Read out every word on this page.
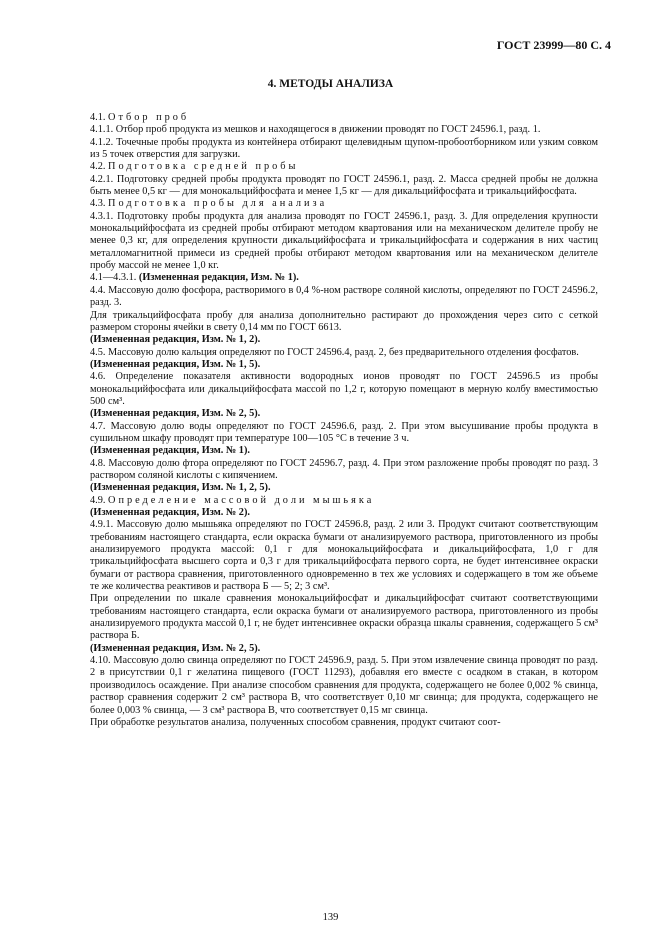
ГОСТ 23999—80 С. 4
4. МЕТОДЫ АНАЛИЗА

4.1. Отбор проб

4.1.1. Отбор проб продукта из мешков и находящегося в движении проводят по ГОСТ 24596.1, разд. 1.

4.1.2. Точечные пробы продукта из контейнера отбирают щелевидным щупом-пробоотборником или узким совком из 5 точек отверстия для загрузки.

4.2. Подготовка средней пробы

4.2.1. Подготовку средней пробы продукта проводят по ГОСТ 24596.1, разд. 2. Масса средней пробы не должна быть менее 0,5 кг — для монокальцийфосфата и менее 1,5 кг — для дикальцийфосфата и трикальцийфосфата.

4.3. Подготовка пробы для анализа

4.3.1. Подготовку пробы продукта для анализа проводят по ГОСТ 24596.1, разд. 3. Для определения крупности монокальцийфосфата из средней пробы отбирают методом квартования или на механическом делителе пробу не менее 0,3 кг, для определения крупности дикальцийфосфата и трикальцийфосфата и содержания в них частиц металломагнитной примеси из средней пробы отбирают методом квартования или на механическом делителе пробу массой не менее 1,0 кг.

4.1—4.3.1. (Измененная редакция, Изм. № 1).

4.4. Массовую долю фосфора, растворимого в 0,4 %-ном растворе соляной кислоты, определяют по ГОСТ 24596.2, разд. 3.

Для трикальцийфосфата пробу для анализа дополнительно растирают до прохождения через сито с сеткой размером стороны ячейки в свету 0,14 мм по ГОСТ 6613.

(Измененная редакция, Изм. № 1, 2).

4.5. Массовую долю кальция определяют по ГОСТ 24596.4, разд. 2, без предварительного отделения фосфатов.

(Измененная редакция, Изм. № 1, 5).

4.6. Определение показателя активности водородных ионов проводят по ГОСТ 24596.5 из пробы монокальцийфосфата или дикальцийфосфата массой по 1,2 г, которую помещают в мерную колбу вместимостью 500 см³.

(Измененная редакция, Изм. № 2, 5).

4.7. Массовую долю воды определяют по ГОСТ 24596.6, разд. 2. При этом высушивание пробы продукта в сушильном шкафу проводят при температуре 100—105 °С в течение 3 ч.

(Измененная редакция, Изм. № 1).

4.8. Массовую долю фтора определяют по ГОСТ 24596.7, разд. 4. При этом разложение пробы проводят по разд. 3 раствором соляной кислоты с кипячением.

(Измененная редакция, Изм. № 1, 2, 5).

4.9. Определение массовой доли мышьяка

(Измененная редакция, Изм. № 2).

4.9.1. Массовую долю мышьяка определяют по ГОСТ 24596.8, разд. 2 или 3. Продукт считают соответствующим требованиям настоящего стандарта, если окраска бумаги от анализируемого раствора, приготовленного из пробы анализируемого продукта массой: 0,1 г для монокальцийфосфата и дикальцийфосфата, 1,0 г для трикальцийфосфата высшего сорта и 0,3 г для трикальцийфосфата первого сорта, не будет интенсивнее окраски бумаги от раствора сравнения, приготовленного одновременно в тех же условиях и содержащего в том же объеме те же количества реактивов и раствора Б — 5; 2; 3 см³.

При определении по шкале сравнения монокальцийфосфат и дикальцийфосфат считают соответствующими требованиям настоящего стандарта, если окраска бумаги от анализируемого раствора, приготовленного из пробы анализируемого продукта массой 0,1 г, не будет интенсивнее окраски образца шкалы сравнения, содержащего 5 см³ раствора Б.

(Измененная редакция, Изм. № 2, 5).

4.10. Массовую долю свинца определяют по ГОСТ 24596.9, разд. 5. При этом извлечение свинца проводят по разд. 2 в присутствии 0,1 г желатина пищевого (ГОСТ 11293), добавляя его вместе с осадком в стакан, в котором производилось осаждение. При анализе способом сравнения для продукта, содержащего не более 0,002 % свинца, раствор сравнения содержит 2 см³ раствора В, что соответствует 0,10 мг свинца; для продукта, содержащего не более 0,003 % свинца, — 3 см³ раствора В, что соответствует 0,15 мг свинца.

При обработке результатов анализа, полученных способом сравнения, продукт считают соот-

139
